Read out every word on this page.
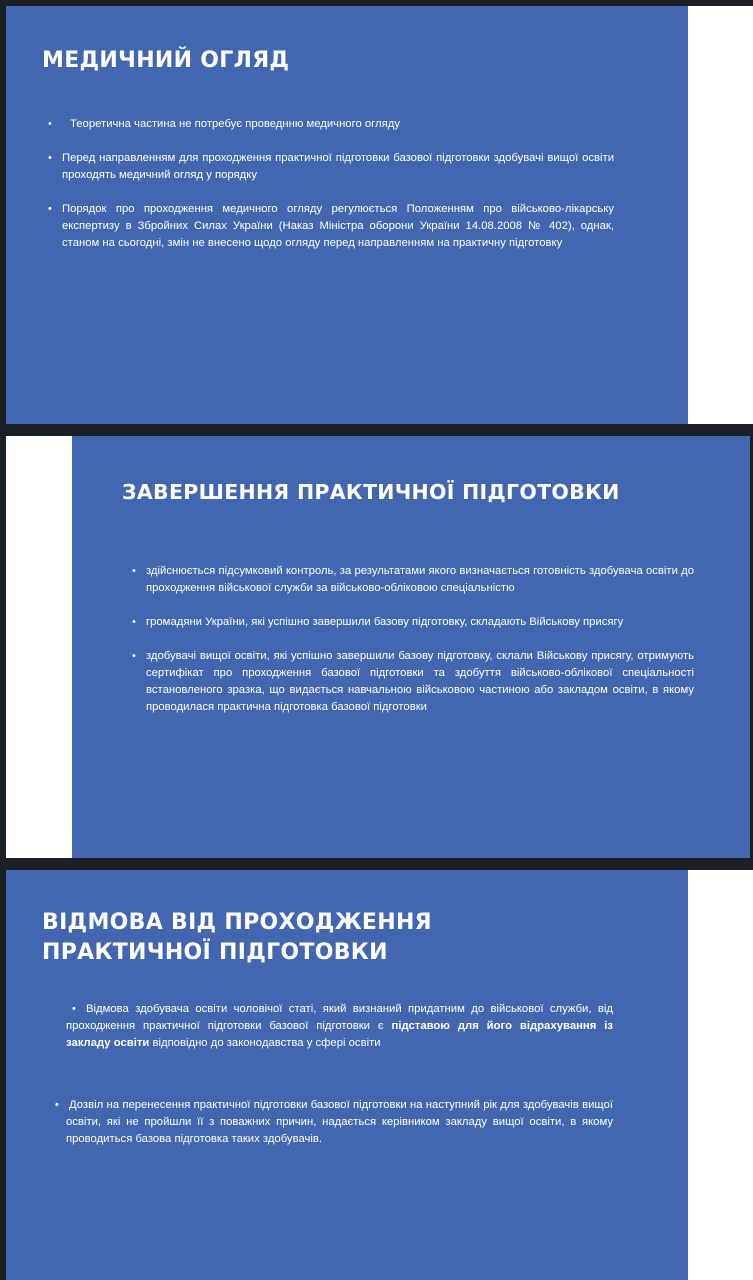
МЕДИЧНИЙ ОГЛЯД
• Теоретична частина не потребує проведнню медичного огляду
• Перед направленням для проходження практичної підготовки базової підготовки здобувачі вищої освіти проходять медичний огляд у порядку
• Порядок про проходження медичного огляду регулюється Положенням про військово-лікарську експертизу в Збройних Силах України (Наказ Міністра оборони України 14.08.2008 № 402), однак, станом на сьогодні, змін не внесено щодо огляду перед направленням на практичну підготовку
ЗАВЕРШЕННЯ ПРАКТИЧНОЇ ПІДГОТОВКИ
• здійснюється підсумковий контроль, за результатами якого визначається готовність здобувача освіти до проходження військової служби за військово-обліковою спеціальністю
• громадяни України, які успішно завершили базову підготовку, складають Військову присягу
• здобувачі вищої освіти, які успішно завершили базову підготовку, склали Військову присягу, отримують сертифікат про проходження базової підготовки та здобуття військово-облікової спеціальності встановленого зразка, що видається навчальною військовою частиною або закладом освіти, в якому проводилася практична підготовка базової підготовки
ВІДМОВА ВІД ПРОХОДЖЕННЯ ПРАКТИЧНОЇ ПІДГОТОВКИ
• Відмова здобувача освіти чоловічої статі, який визнаний придатним до військової служби, від проходження практичної підготовки базової підготовки є підставою для його відрахування із закладу освіти відповідно до законодавства у сфері освіти
• Дозвіл на перенесення практичної підготовки базової підготовки на наступний рік для здобувачів вищої освіти, які не пройшли її з поважних причин, надається керівником закладу вищої освіти, в якому проводиться базова підготовка таких здобувачів.
